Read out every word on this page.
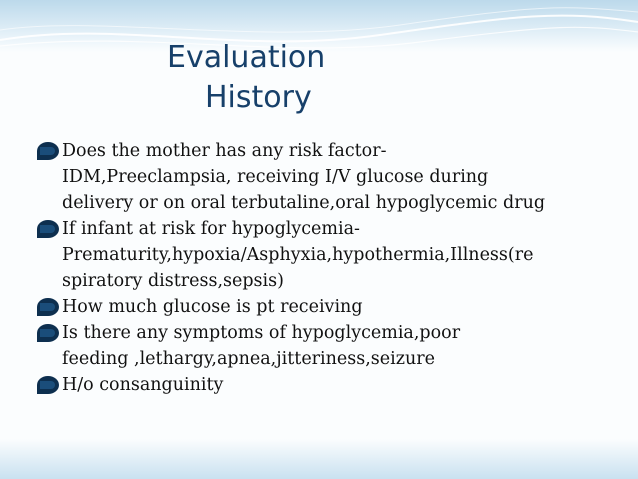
Evaluation
History
Does the mother has any risk factor-
IDM,Preeclampsia, receiving I/V glucose during
delivery or on oral terbutaline,oral hypoglycemic drug
If infant at risk for hypoglycemia-
Prematurity,hypoxia/Asphyxia,hypothermia,Illness(re
spiratory distress,sepsis)
How much glucose is pt receiving
Is there any symptoms of hypoglycemia,poor
feeding ,lethargy,apnea,jitteriness,seizure
H/o consanguinity
